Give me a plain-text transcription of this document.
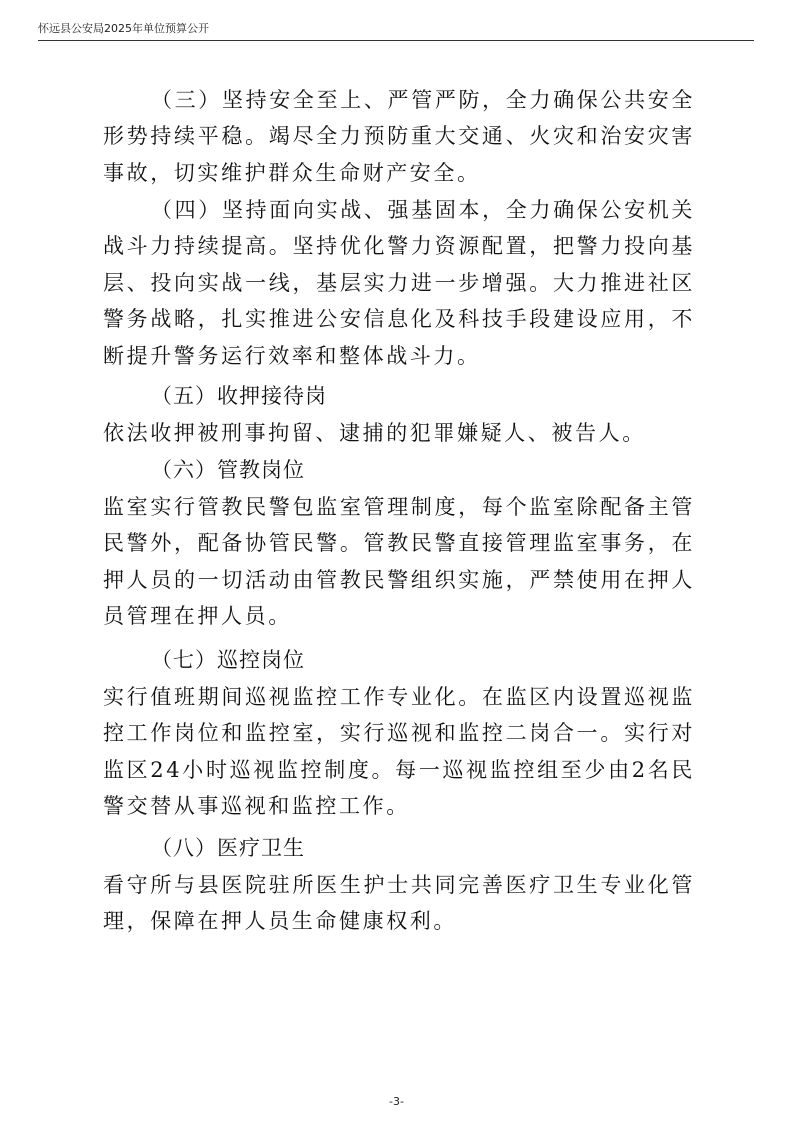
怀远县公安局2025年单位预算公开

（三）坚持安全至上、严管严防，全力确保公共安全形势持续平稳。竭尽全力预防重大交通、火灾和治安灾害事故，切实维护群众生命财产安全。

（四）坚持面向实战、强基固本，全力确保公安机关战斗力持续提高。坚持优化警力资源配置，把警力投向基层、投向实战一线，基层实力进一步增强。大力推进社区警务战略，扎实推进公安信息化及科技手段建设应用，不断提升警务运行效率和整体战斗力。

（五）收押接待岗

依法收押被刑事拘留、逮捕的犯罪嫌疑人、被告人。

（六）管教岗位

监室实行管教民警包监室管理制度，每个监室除配备主管民警外，配备协管民警。管教民警直接管理监室事务，在押人员的一切活动由管教民警组织实施，严禁使用在押人员管理在押人员。

（七）巡控岗位

实行值班期间巡视监控工作专业化。在监区内设置巡视监控工作岗位和监控室，实行巡视和监控二岗合一。实行对监区24小时巡视监控制度。每一巡视监控组至少由2名民警交替从事巡视和监控工作。

（八）医疗卫生

看守所与县医院驻所医生护士共同完善医疗卫生专业化管理，保障在押人员生命健康权利。

-3-
